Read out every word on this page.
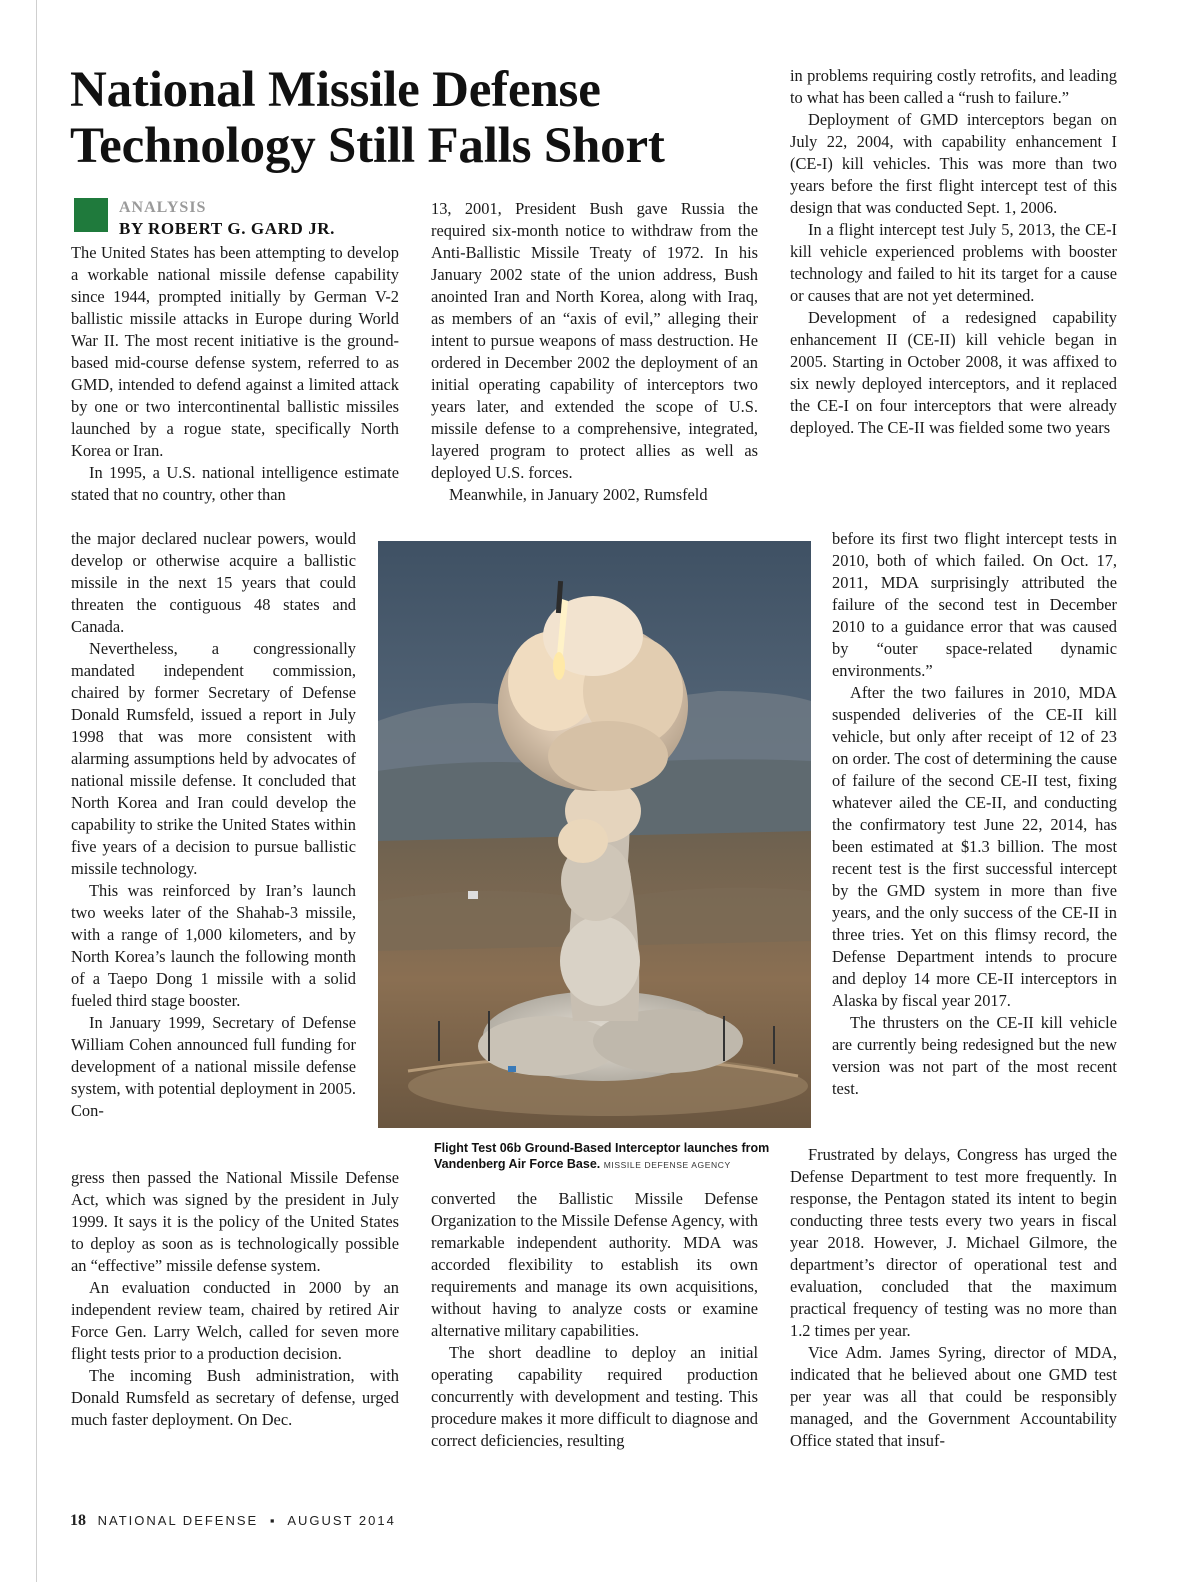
National Missile Defense Technology Still Falls Short
ANALYSIS
BY ROBERT G. GARD JR.

The United States has been attempting to develop a workable national missile defense capability since 1944, prompted initially by German V-2 ballistic missile attacks in Europe during World War II. The most recent initiative is the ground-based mid-course defense system, referred to as GMD, intended to defend against a limited attack by one or two intercontinental ballistic missiles launched by a rogue state, specifically North Korea or Iran.

In 1995, a U.S. national intelligence estimate stated that no country, other than

the major declared nuclear powers, would develop or otherwise acquire a ballistic missile in the next 15 years that could threaten the contiguous 48 states and Canada.

Nevertheless, a congressionally mandated independent commission, chaired by former Secretary of Defense Donald Rumsfeld, issued a report in July 1998 that was more consistent with alarming assumptions held by advocates of national missile defense. It concluded that North Korea and Iran could develop the capability to strike the United States within five years of a decision to pursue ballistic missile technology.

This was reinforced by Iran’s launch two weeks later of the Shahab-3 missile, with a range of 1,000 kilometers, and by North Korea’s launch the following month of a Taepo Dong 1 missile with a solid fueled third stage booster.

In January 1999, Secretary of Defense William Cohen announced full funding for development of a national missile defense system, with potential deployment in 2005. Con-

gress then passed the National Missile Defense Act, which was signed by the president in July 1999. It says it is the policy of the United States to deploy as soon as is technologically possible an “effective” missile defense system.

An evaluation conducted in 2000 by an independent review team, chaired by retired Air Force Gen. Larry Welch, called for seven more flight tests prior to a production decision.

The incoming Bush administration, with Donald Rumsfeld as secretary of defense, urged much faster deployment. On Dec.

13, 2001, President Bush gave Russia the required six-month notice to withdraw from the Anti-Ballistic Missile Treaty of 1972. In his January 2002 state of the union address, Bush anointed Iran and North Korea, along with Iraq, as members of an “axis of evil,” alleging their intent to pursue weapons of mass destruction. He ordered in December 2002 the deployment of an initial operating capability of interceptors two years later, and extended the scope of U.S. missile defense to a comprehensive, integrated, layered program to protect allies as well as deployed U.S. forces.

Meanwhile, in January 2002, Rumsfeld

converted the Ballistic Missile Defense Organization to the Missile Defense Agency, with remarkable independent authority. MDA was accorded flexibility to establish its own requirements and manage its own acquisitions, without having to analyze costs or examine alternative military capabilities.

The short deadline to deploy an initial operating capability required production concurrently with development and testing. This procedure makes it more difficult to diagnose and correct deficiencies, resulting

in problems requiring costly retrofits, and leading to what has been called a “rush to failure.”

Deployment of GMD interceptors began on July 22, 2004, with capability enhancement I (CE-I) kill vehicles. This was more than two years before the first flight intercept test of this design that was conducted Sept. 1, 2006.

In a flight intercept test July 5, 2013, the CE-I kill vehicle experienced problems with booster technology and failed to hit its target for a cause or causes that are not yet determined.

Development of a redesigned capability enhancement II (CE-II) kill vehicle began in 2005. Starting in October 2008, it was affixed to six newly deployed interceptors, and it replaced the CE-I on four interceptors that were already deployed. The CE-II was fielded some two years

before its first two flight intercept tests in 2010, both of which failed. On Oct. 17, 2011, MDA surprisingly attributed the failure of the second test in December 2010 to a guidance error that was caused by “outer space-related dynamic environments.”

After the two failures in 2010, MDA suspended deliveries of the CE-II kill vehicle, but only after receipt of 12 of 23 on order. The cost of determining the cause of failure of the second CE-II test, fixing whatever ailed the CE-II, and conducting the confirmatory test June 22, 2014, has been estimated at $1.3 billion. The most recent test is the first successful intercept by the GMD system in more than five years, and the only success of the CE-II in three tries. Yet on this flimsy record, the Defense Department intends to procure and deploy 14 more CE-II interceptors in Alaska by fiscal year 2017.

The thrusters on the CE-II kill vehicle are currently being redesigned but the new version was not part of the most recent test.

Frustrated by delays, Congress has urged the Defense Department to test more frequently. In response, the Pentagon stated its intent to begin conducting three tests every two years in fiscal year 2018. However, J. Michael Gilmore, the department’s director of operational test and evaluation, concluded that the maximum practical frequency of testing was no more than 1.2 times per year.

Vice Adm. James Syring, director of MDA, indicated that he believed about one GMD test per year was all that could be responsibly managed, and the Government Accountability Office stated that insuf-

Flight Test 06b Ground-Based Interceptor launches from Vandenberg Air Force Base. MISSILE DEFENSE AGENCY
18 NATIONAL DEFENSE ▪ AUGUST 2014
